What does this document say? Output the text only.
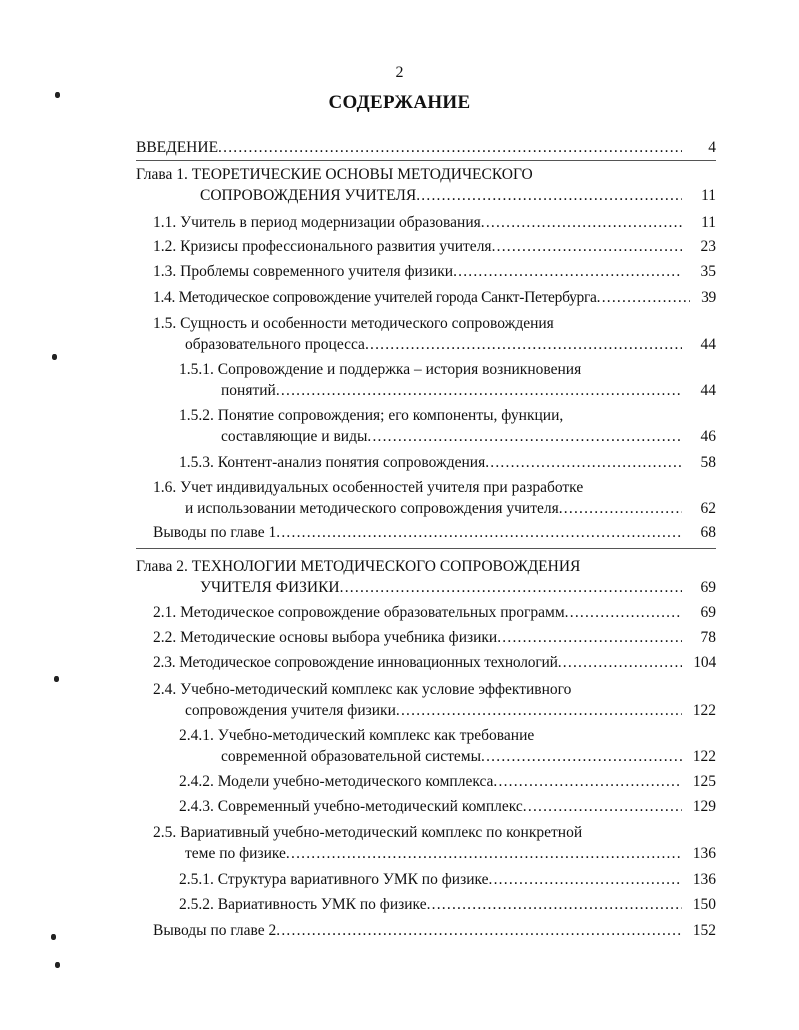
2
СОДЕРЖАНИЕ
ВВЕДЕНИЕ .....	4
Глава 1. ТЕОРЕТИЧЕСКИЕ ОСНОВЫ МЕТОДИЧЕСКОГО
СОПРОВОЖДЕНИЯ УЧИТЕЛЯ .....	11
1.1. Учитель в период модернизации образования .....	11
1.2. Кризисы профессионального развития учителя .....	23
1.3. Проблемы современного учителя физики .....	35
1.4. Методическое сопровождение учителей города Санкт-Петербурга .....	39
1.5. Сущность и особенности методического сопровождения
образовательного процесса .....	44
1.5.1. Сопровождение и поддержка – история возникновения
понятий .....	44
1.5.2. Понятие сопровождения; его компоненты, функции,
составляющие и виды .....	46
1.5.3. Контент-анализ понятия сопровождения .....	58
1.6. Учет индивидуальных особенностей учителя при разработке
и использовании методического сопровождения учителя .....	62
Выводы по главе 1 .....	68
Глава 2. ТЕХНОЛОГИИ МЕТОДИЧЕСКОГО СОПРОВОЖДЕНИЯ
УЧИТЕЛЯ ФИЗИКИ .....	69
2.1. Методическое сопровождение образовательных программ .....	69
2.2. Методические основы выбора учебника физики .....	78
2.3. Методическое сопровождение инновационных технологий .....	104
2.4. Учебно-методический комплекс как условие эффективного
сопровождения учителя физики .....	122
2.4.1. Учебно-методический комплекс как требование
современной образовательной системы .....	122
2.4.2. Модели учебно-методического комплекса .....	125
2.4.3. Современный учебно-методический комплекс .....	129
2.5. Вариативный учебно-методический комплекс по конкретной
теме по физике .....	136
2.5.1. Структура вариативного УМК по физике .....	136
2.5.2. Вариативность УМК по физике .....	150
Выводы по главе 2 .....	152
